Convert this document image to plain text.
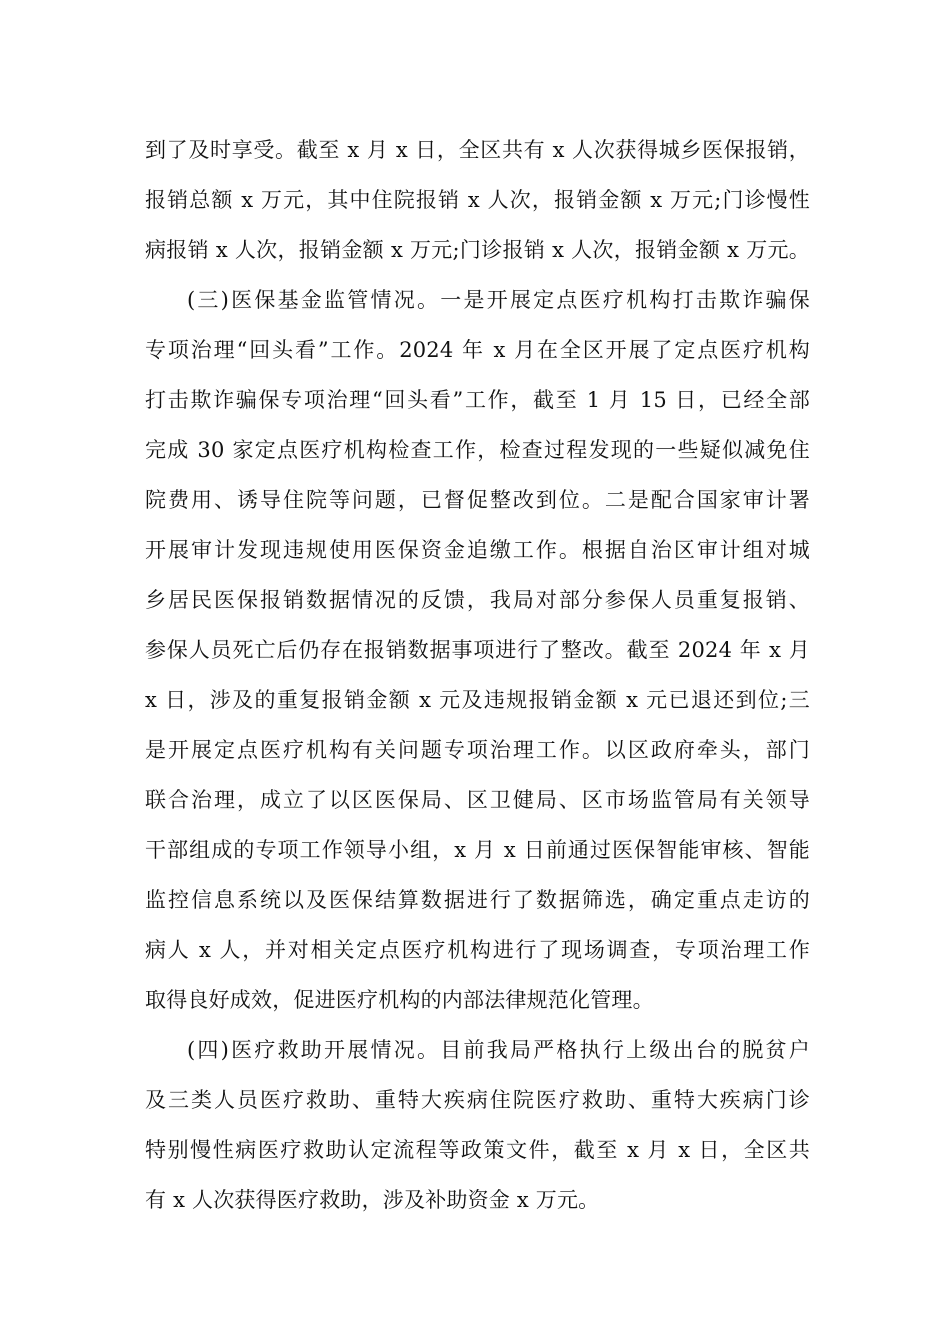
到了及时享受。截至 x 月 x 日，全区共有 x 人次获得城乡医保报销，

报销总额 x 万元，其中住院报销 x 人次，报销金额 x 万元;门诊慢性

病报销 x 人次，报销金额 x 万元;门诊报销 x 人次，报销金额 x 万元。

(三)医保基金监管情况。一是开展定点医疗机构打击欺诈骗保

专项治理“回头看”工作。2024 年 x 月在全区开展了定点医疗机构

打击欺诈骗保专项治理“回头看”工作，截至 1 月 15 日，已经全部

完成 30 家定点医疗机构检查工作，检查过程发现的一些疑似减免住

院费用、诱导住院等问题，已督促整改到位。二是配合国家审计署

开展审计发现违规使用医保资金追缴工作。根据自治区审计组对城

乡居民医保报销数据情况的反馈，我局对部分参保人员重复报销、

参保人员死亡后仍存在报销数据事项进行了整改。截至 2024 年 x 月

x 日，涉及的重复报销金额 x 元及违规报销金额 x 元已退还到位;三

是开展定点医疗机构有关问题专项治理工作。以区政府牵头，部门

联合治理，成立了以区医保局、区卫健局、区市场监管局有关领导

干部组成的专项工作领导小组，x 月 x 日前通过医保智能审核、智能

监控信息系统以及医保结算数据进行了数据筛选，确定重点走访的

病人 x 人，并对相关定点医疗机构进行了现场调查，专项治理工作

取得良好成效，促进医疗机构的内部法律规范化管理。

(四)医疗救助开展情况。目前我局严格执行上级出台的脱贫户

及三类人员医疗救助、重特大疾病住院医疗救助、重特大疾病门诊

特别慢性病医疗救助认定流程等政策文件，截至 x 月 x 日，全区共

有 x 人次获得医疗救助，涉及补助资金 x 万元。
